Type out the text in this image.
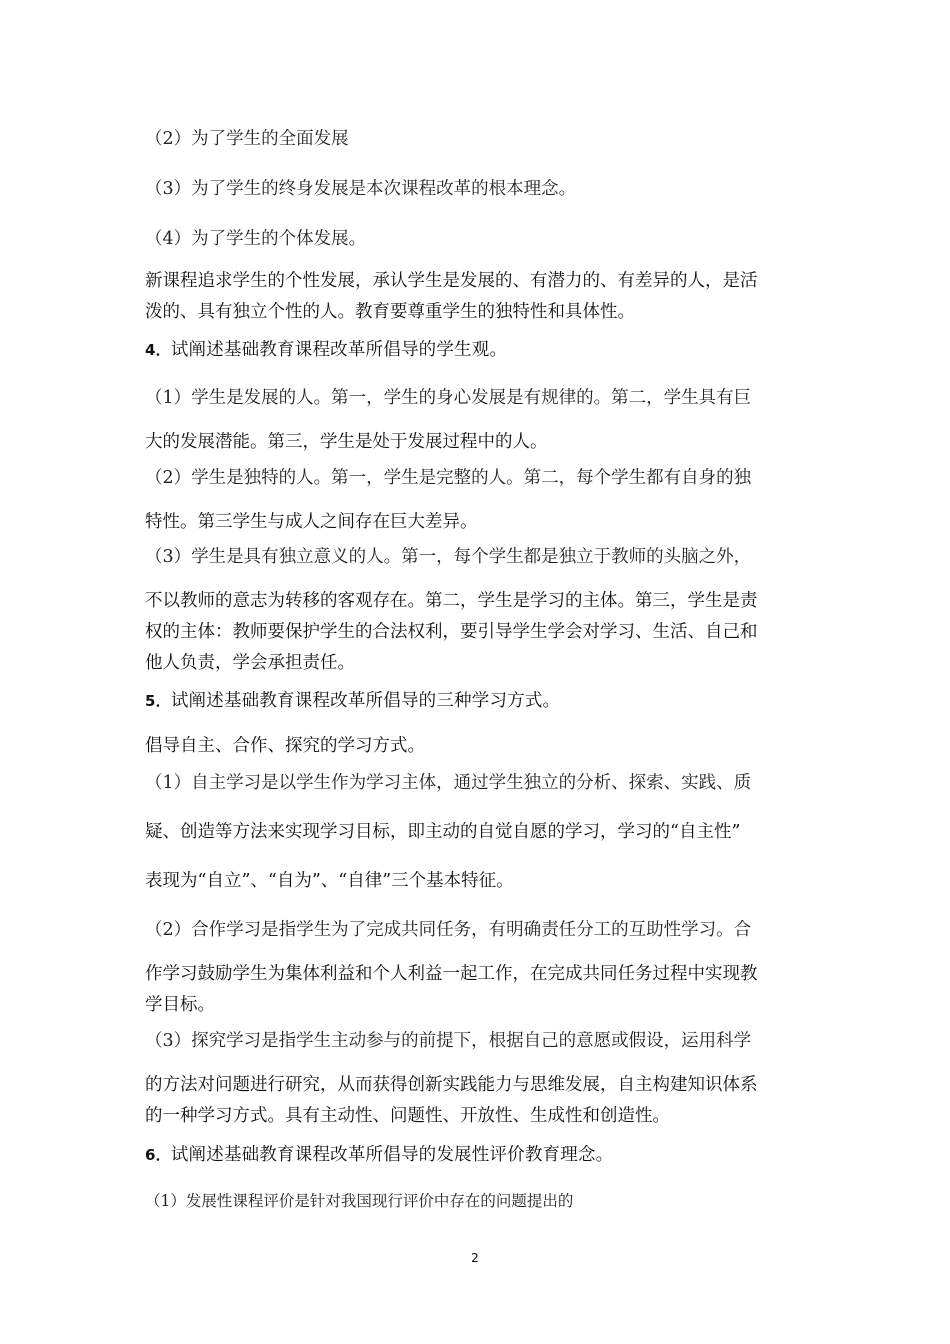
（2）为了学生的全面发展
（3）为了学生的终身发展是本次课程改革的根本理念。
（4）为了学生的个体发展。
新课程追求学生的个性发展，承认学生是发展的、有潜力的、有差异的人，是活
泼的、具有独立个性的人。教育要尊重学生的独特性和具体性。
4．试阐述基础教育课程改革所倡导的学生观。
（1）学生是发展的人。第一，学生的身心发展是有规律的。第二，学生具有巨
大的发展潜能。第三，学生是处于发展过程中的人。
（2）学生是独特的人。第一，学生是完整的人。第二，每个学生都有自身的独
特性。第三学生与成人之间存在巨大差异。
（3）学生是具有独立意义的人。第一，每个学生都是独立于教师的头脑之外，
不以教师的意志为转移的客观存在。第二，学生是学习的主体。第三，学生是责
权的主体：教师要保护学生的合法权利，要引导学生学会对学习、生活、自己和
他人负责，学会承担责任。
5．试阐述基础教育课程改革所倡导的三种学习方式。
倡导自主、合作、探究的学习方式。
（1）自主学习是以学生作为学习主体，通过学生独立的分析、探索、实践、质
疑、创造等方法来实现学习目标，即主动的自觉自愿的学习，学习的“自主性”
表现为“自立”、“自为”、“自律”三个基本特征。
（2）合作学习是指学生为了完成共同任务，有明确责任分工的互助性学习。合
作学习鼓励学生为集体利益和个人利益一起工作，在完成共同任务过程中实现教
学目标。
（3）探究学习是指学生主动参与的前提下，根据自己的意愿或假设，运用科学
的方法对问题进行研究，从而获得创新实践能力与思维发展，自主构建知识体系
的一种学习方式。具有主动性、问题性、开放性、生成性和创造性。
6．试阐述基础教育课程改革所倡导的发展性评价教育理念。
（1）发展性课程评价是针对我国现行评价中存在的问题提出的
2
